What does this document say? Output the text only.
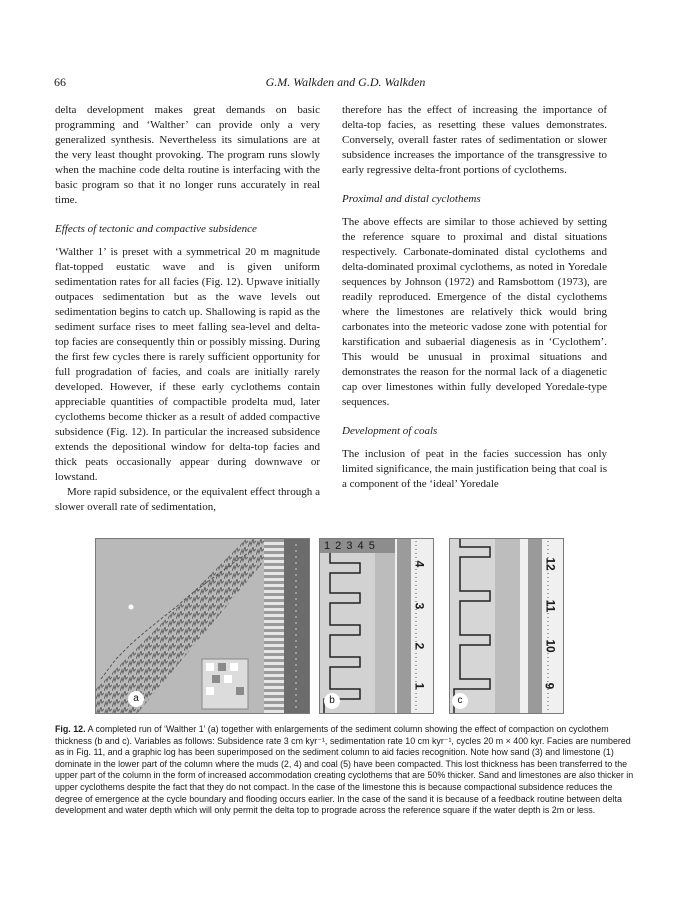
66	G.M. Walkden and G.D. Walkden

delta development makes great demands on basic programming and ‘Walther’ can provide only a very generalized synthesis. Nevertheless its simulations are at the very least thought provoking. The program runs slowly when the machine code delta routine is interfacing with the basic program so that it no longer runs accurately in real time.

Effects of tectonic and compactive subsidence

‘Walther 1’ is preset with a symmetrical 20 m magnitude flat-topped eustatic wave and is given uniform sedimentation rates for all facies (Fig. 12). Upwave initially outpaces sedimentation but as the wave levels out sedimentation begins to catch up. Shallowing is rapid as the sediment surface rises to meet falling sea-level and delta-top facies are consequently thin or possibly missing. During the first few cycles there is rarely sufficient opportunity for full progradation of facies, and coals are initially rarely developed. However, if these early cyclothems contain appreciable quantities of compactible prodelta mud, later cyclothems become thicker as a result of added compactive subsidence (Fig. 12). In particular the increased subsidence extends the depositional window for delta-top facies and thick peats occasionally appear during downwave or lowstand.

More rapid subsidence, or the equivalent effect through a slower overall rate of sedimentation,

therefore has the effect of increasing the importance of delta-top facies, as resetting these values demonstrates. Conversely, overall faster rates of sedimentation or slower subsidence increases the importance of the transgressive to early regressive delta-front portions of cyclothems.

Proximal and distal cyclothems

The above effects are similar to those achieved by setting the reference square to proximal and distal situations respectively. Carbonate-dominated distal cyclothems and delta-dominated proximal cyclothems, as noted in Yoredale sequences by Johnson (1972) and Ramsbottom (1973), are readily reproduced. Emergence of the distal cyclothems where the limestones are relatively thick would bring carbonates into the meteoric vadose zone with potential for karstification and subaerial diagenesis as in ‘Cyclothem’. This would be unusual in proximal situations and demonstrates the reason for the normal lack of a diagenetic cap over limestones within fully developed Yoredale-type sequences.

Development of coals

The inclusion of peat in the facies succession has only limited significance, the main justification being that coal is a component of the ‘ideal’ Yoredale

a
1 2 3 4 5
4
3
2
1
b
12
11
10
9
c
Fig. 12. A completed run of ‘Walther 1’ (a) together with enlargements of the sediment column showing the effect of compaction on cyclothem thickness (b and c). Variables as follows: Subsidence rate 3 cm kyr⁻¹, sedimentation rate 10 cm kyr⁻¹, cycles 20 m × 400 kyr. Facies are numbered as in Fig. 11, and a graphic log has been superimposed on the sediment column to aid facies recognition. Note how sand (3) and limestone (1) dominate in the lower part of the column where the muds (2, 4) and coal (5) have been compacted. This lost thickness has been transferred to the upper part of the column in the form of increased accommodation creating cyclothems that are 50% thicker. Sand and limestones are also thicker in upper cyclothems despite the fact that they do not compact. In the case of the limestone this is because compactional subsidence reduces the degree of emergence at the cycle boundary and flooding occurs earlier. In the case of the sand it is because of a feedback routine between delta development and water depth which will only permit the delta top to prograde across the reference square if the water depth is 2m or less.
